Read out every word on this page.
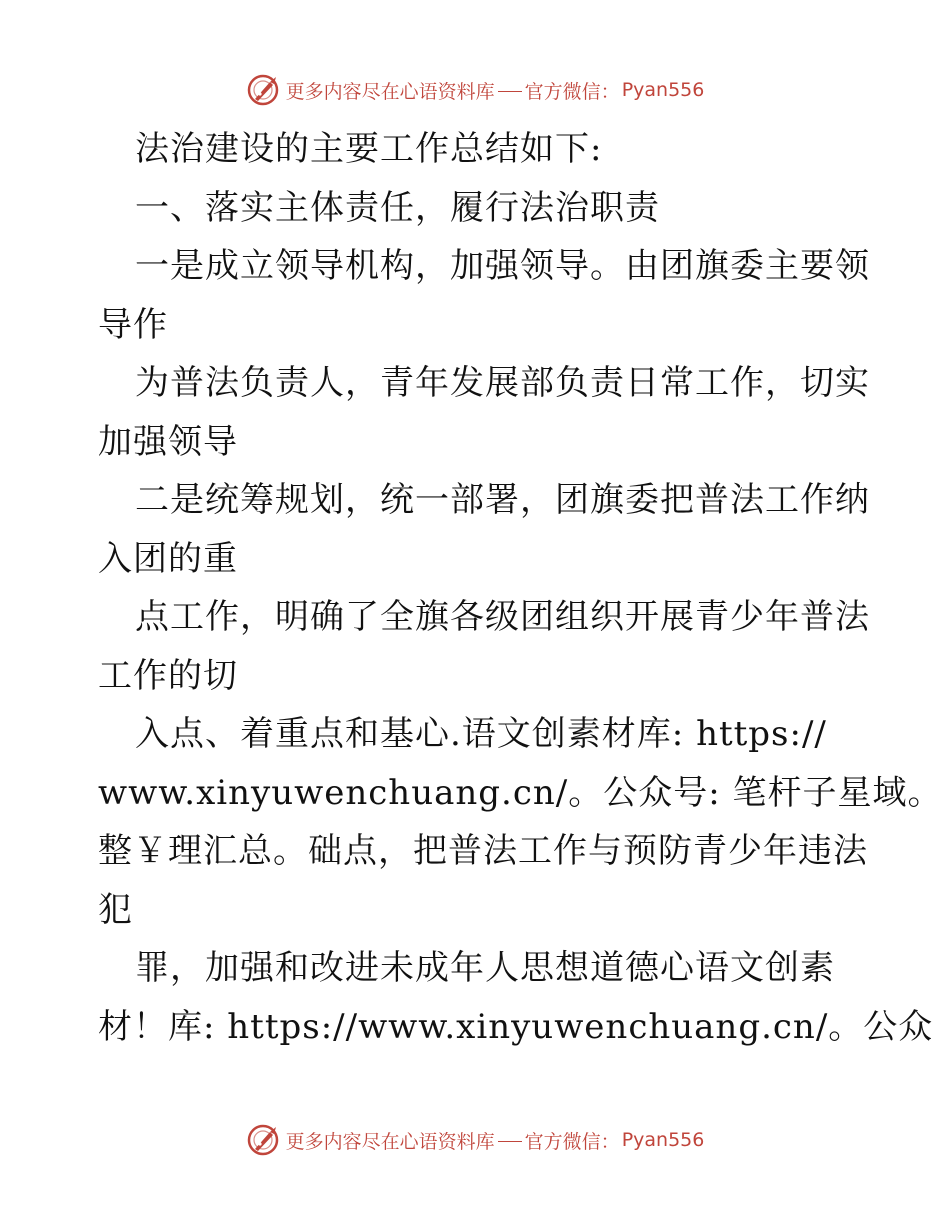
更多内容尽在心语资料库 官方微信： Pyan556
法治建设的主要工作总结如下:
一、落实主体责任，履行法治职责
一是成立领导机构，加强领导。由团旗委主要领
导作
为普法负责人，青年发展部负责日常工作，切实
加强领导
二是统筹规划，统一部署，团旗委把普法工作纳
入团的重
点工作，明确了全旗各级团组织开展青少年普法
工作的切
入点、着重点和基心.语文创素材库: https://
www.xinyuwenchuang.cn/。公众号: 笔杆子星域。
整￥理汇总。础点，把普法工作与预防青少年违法
犯
罪，加强和改进未成年人思想道德心语文创素
材！库: https://www.xinyuwenchuang.cn/。公众
更多内容尽在心语资料库 官方微信： Pyan556
